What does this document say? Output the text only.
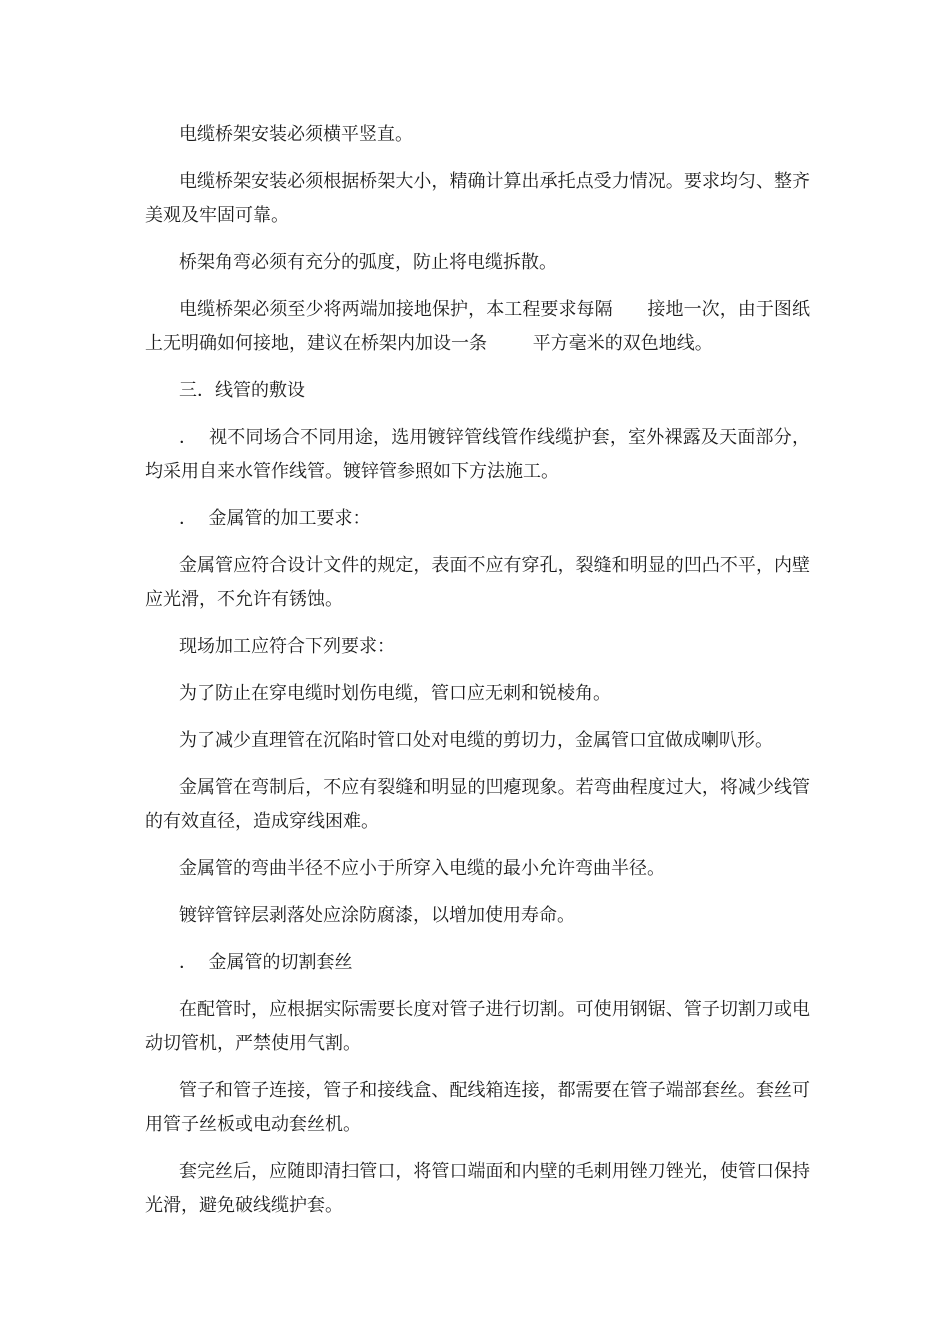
电缆桥架安装必须横平竖直。

电缆桥架安装必须根据桥架大小，精确计算出承托点受力情况。要求均匀、整齐美观及牢固可靠。

桥架角弯必须有充分的弧度，防止将电缆拆散。

电缆桥架必须至少将两端加接地保护，本工程要求每隔      接地一次，由于图纸上无明确如何接地，建议在桥架内加设一条        平方毫米的双色地线。

三．线管的敷设

．  视不同场合不同用途，选用镀锌管线管作线缆护套，室外裸露及天面部分，均采用自来水管作线管。镀锌管参照如下方法施工。

．  金属管的加工要求：

金属管应符合设计文件的规定，表面不应有穿孔，裂缝和明显的凹凸不平，内壁应光滑，不允许有锈蚀。

现场加工应符合下列要求：

为了防止在穿电缆时划伤电缆，管口应无刺和锐棱角。

为了减少直理管在沉陷时管口处对电缆的剪切力，金属管口宜做成喇叭形。

金属管在弯制后，不应有裂缝和明显的凹瘪现象。若弯曲程度过大，将减少线管的有效直径，造成穿线困难。

金属管的弯曲半径不应小于所穿入电缆的最小允许弯曲半径。

镀锌管锌层剥落处应涂防腐漆，以增加使用寿命。

．  金属管的切割套丝

在配管时，应根据实际需要长度对管子进行切割。可使用钢锯、管子切割刀或电动切管机，严禁使用气割。

管子和管子连接，管子和接线盒、配线箱连接，都需要在管子端部套丝。套丝可用管子丝板或电动套丝机。

套完丝后，应随即清扫管口，将管口端面和内壁的毛刺用锉刀锉光，使管口保持光滑，避免破线缆护套。
